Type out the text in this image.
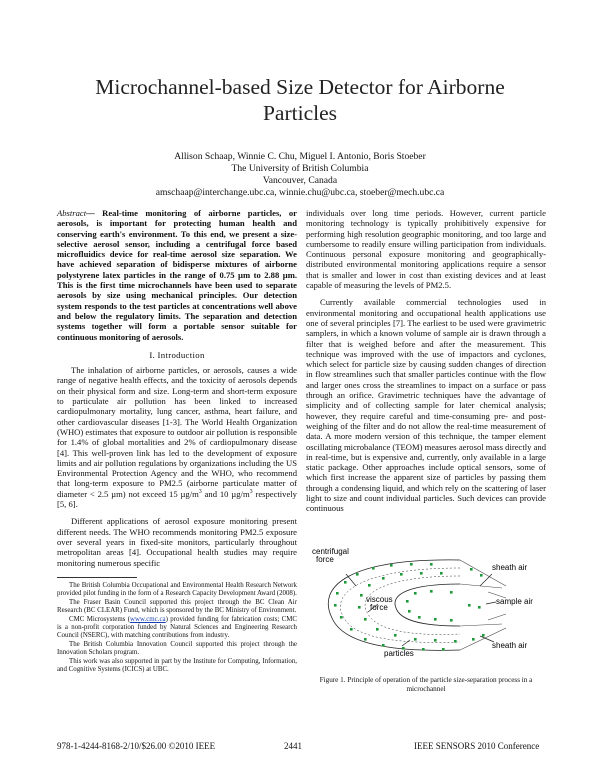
Microchannel-based Size Detector for Airborne Particles
Allison Schaap, Winnie C. Chu, Miguel I. Antonio, Boris Stoeber
The University of British Columbia
Vancouver, Canada
amschaap@interchange.ubc.ca, winnie.chu@ubc.ca, stoeber@mech.ubc.ca

Abstract— Real-time monitoring of airborne particles, or aerosols, is important for protecting human health and conserving earth's environment. To this end, we present a size-selective aerosol sensor, including a centrifugal force based microfluidics device for real-time aerosol size separation. We have achieved separation of bidisperse mixtures of airborne polystyrene latex particles in the range of 0.75 µm to 2.88 µm. This is the first time microchannels have been used to separate aerosols by size using mechanical principles. Our detection system responds to the test particles at concentrations well above and below the regulatory limits. The separation and detection systems together will form a portable sensor suitable for continuous monitoring of aerosols.

I. Introduction

The inhalation of airborne particles, or aerosols, causes a wide range of negative health effects, and the toxicity of aerosols depends on their physical form and size. Long-term and short-term exposure to particulate air pollution has been linked to increased cardiopulmonary mortality, lung cancer, asthma, heart failure, and other cardiovascular diseases [1-3]. The World Health Organization (WHO) estimates that exposure to outdoor air pollution is responsible for 1.4% of global mortalities and 2% of cardiopulmonary disease [4]. This well-proven link has led to the development of exposure limits and air pollution regulations by organizations including the US Environmental Protection Agency and the WHO, who recommend that long-term exposure to PM2.5 (airborne particulate matter of diameter < 2.5 µm) not exceed 15 $\mu g/m^3$ and 10 $\mu g/m^3$ respectively [5, 6].

Different applications of aerosol exposure monitoring present different needs. The WHO recommends monitoring PM2.5 exposure over several years in fixed-site monitors, particularly throughout metropolitan areas [4]. Occupational health studies may require monitoring numerous specific

The British Columbia Occupational and Environmental Health Research Network provided pilot funding in the form of a Research Capacity Development Award (2008).

The Fraser Basin Council supported this project through the BC Clean Air Research (BC CLEAR) Fund, which is sponsored by the BC Ministry of Environment.

CMC Microsystems (www.cmc.ca) provided funding for fabrication costs; CMC is a non-profit corporation funded by Natural Sciences and Engineering Research Council (NSERC), with matching contributions from industry.

The British Columbia Innovation Council supported this project through the Innovation Scholars program.

This work was also supported in part by the Institute for Computing, Information, and Cognitive Systems (ICICS) at UBC.

individuals over long time periods. However, current particle monitoring technology is typically prohibitively expensive for performing high resolution geographic monitoring, and too large and cumbersome to readily ensure willing participation from individuals. Continuous personal exposure monitoring and geographically-distributed environmental monitoring applications require a sensor that is smaller and lower in cost than existing devices and at least capable of measuring the levels of PM2.5.

Currently available commercial technologies used in environmental monitoring and occupational health applications use one of several principles [7]. The earliest to be used were gravimetric samplers, in which a known volume of sample air is drawn through a filter that is weighed before and after the measurement. This technique was improved with the use of impactors and cyclones, which select for particle size by causing sudden changes of direction in flow streamlines such that smaller particles continue with the flow and larger ones cross the streamlines to impact on a surface or pass through an orifice. Gravimetric techniques have the advantage of simplicity and of collecting sample for later chemical analysis; however, they require careful and time-consuming pre- and post-weighing of the filter and do not allow the real-time measurement of data. A more modern version of this technique, the tamper element oscillating microbalance (TEOM) measures aerosol mass directly and in real-time, but is expensive and, currently, only available in a large static package. Other approaches include optical sensors, some of which first increase the apparent size of particles by passing them through a condensing liquid, and which rely on the scattering of laser light to size and count individual particles. Such devices can provide continuous

centrifugal
force
viscous
force
sheath air
sample air
sheath air
particles
Figure 1. Principle of operation of the particle size-separation process in a microchannel
978-1-4244-8168-2/10/$26.00 ©2010 IEEE	2441	IEEE SENSORS 2010 Conference
